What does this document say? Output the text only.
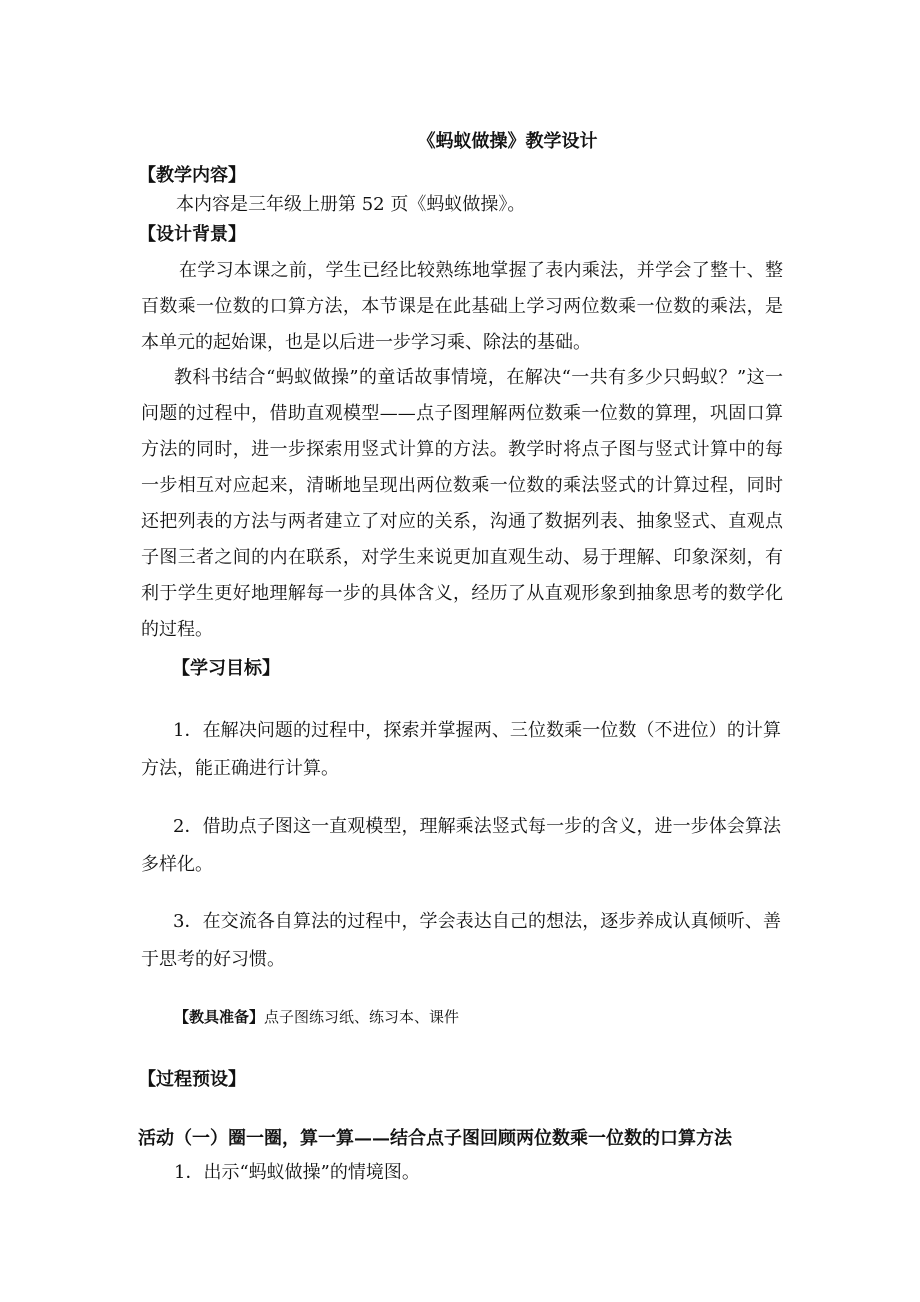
《蚂蚁做操》教学设计
【教学内容】
本内容是三年级上册第 52 页《蚂蚁做操》。
【设计背景】
在学习本课之前，学生已经比较熟练地掌握了表内乘法，并学会了整十、整百数乘一位数的口算方法，本节课是在此基础上学习两位数乘一位数的乘法，是本单元的起始课，也是以后进一步学习乘、除法的基础。
教科书结合“蚂蚁做操”的童话故事情境，在解决“一共有多少只蚂蚁？”这一问题的过程中，借助直观模型——点子图理解两位数乘一位数的算理，巩固口算方法的同时，进一步探索用竖式计算的方法。教学时将点子图与竖式计算中的每一步相互对应起来，清晰地呈现出两位数乘一位数的乘法竖式的计算过程，同时还把列表的方法与两者建立了对应的关系，沟通了数据列表、抽象竖式、直观点子图三者之间的内在联系，对学生来说更加直观生动、易于理解、印象深刻，有利于学生更好地理解每一步的具体含义，经历了从直观形象到抽象思考的数学化的过程。
【学习目标】
1．在解决问题的过程中，探索并掌握两、三位数乘一位数（不进位）的计算方法，能正确进行计算。
2．借助点子图这一直观模型，理解乘法竖式每一步的含义，进一步体会算法多样化。
3．在交流各自算法的过程中，学会表达自己的想法，逐步养成认真倾听、善于思考的好习惯。
【教具准备】点子图练习纸、练习本、课件
【过程预设】
活动（一）圈一圈，算一算——结合点子图回顾两位数乘一位数的口算方法
1．出示“蚂蚁做操”的情境图。
